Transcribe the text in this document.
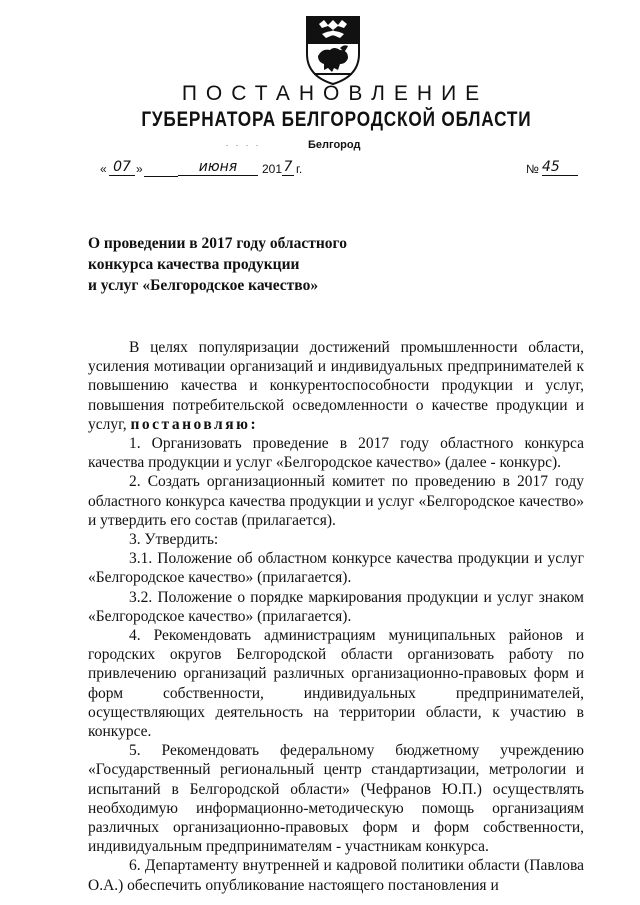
ПОСТАНОВЛЕНИЕ
ГУБЕРНАТОРА БЕЛГОРОДСКОЙ ОБЛАСТИ
. . . .	Белгород
« 07 »
	июня	201 7 г.	№ 45
О проведении в 2017 году областного
конкурса качества продукции
и услуг «Белгородское качество»

В целях популяризации достижений промышленности области, усиления мотивации организаций и индивидуальных предпринимателей к повышению качества и конкурентоспособности продукции и услуг, повышения потребительской осведомленности о качестве продукции и услуг, постановляю:

1. Организовать проведение в 2017 году областного конкурса качества продукции и услуг «Белгородское качество» (далее - конкурс).

2. Создать организационный комитет по проведению в 2017 году областного конкурса качества продукции и услуг «Белгородское качество» и утвердить его состав (прилагается).

3. Утвердить:

3.1. Положение об областном конкурсе качества продукции и услуг «Белгородское качество» (прилагается).

3.2. Положение о порядке маркирования продукции и услуг знаком «Белгородское качество» (прилагается).

4. Рекомендовать администрациям муниципальных районов и городских округов Белгородской области организовать работу по привлечению организаций различных организационно-правовых форм и форм собственности, индивидуальных предпринимателей, осуществляющих деятельность на территории области, к участию в конкурсе.

5. Рекомендовать федеральному бюджетному учреждению «Государственный региональный центр стандартизации, метрологии и испытаний в Белгородской области» (Чефранов Ю.П.) осуществлять необходимую информационно-методическую помощь организациям различных организационно-правовых форм и форм собственности, индивидуальным предпринимателям - участникам конкурса.

6. Департаменту внутренней и кадровой политики области (Павлова О.А.) обеспечить опубликование настоящего постановления и
